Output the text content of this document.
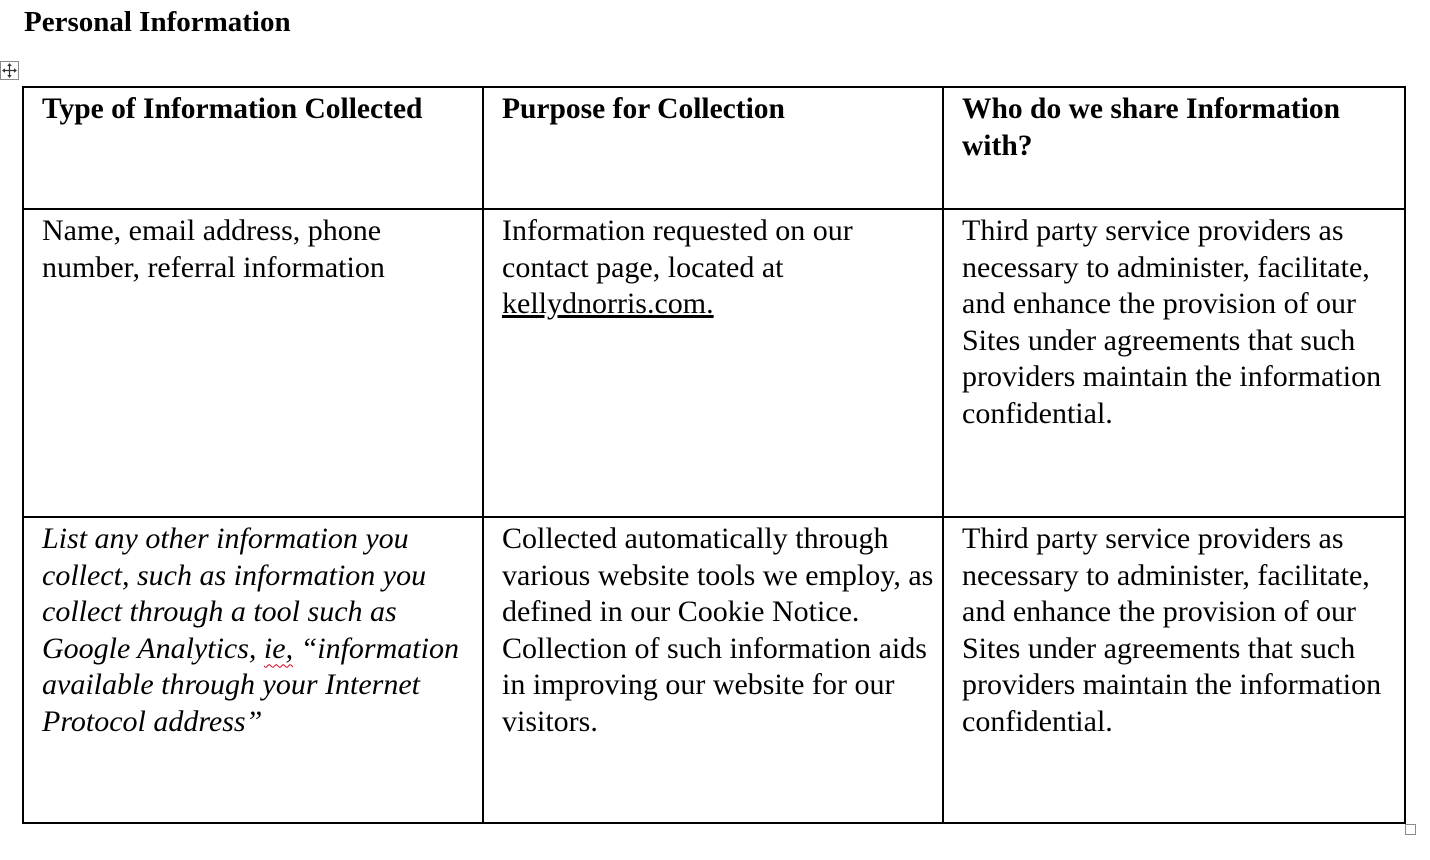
Personal Information
Type of Information Collected	Purpose for Collection	Who do we share Information with?
Name, email address, phone number, referral information	Information requested on our contact page, located at kellydnorris.com.	Third party service providers as necessary to administer, facilitate, and enhance the provision of our Sites under agreements that such providers maintain the information confidential.
List any other information you collect, such as information you collect through a tool such as Google Analytics, ie, “information available through your Internet Protocol address”	Collected automatically through various website tools we employ, as defined in our Cookie Notice. Collection of such information aids in improving our website for our visitors.	Third party service providers as necessary to administer, facilitate, and enhance the provision of our Sites under agreements that such providers maintain the information confidential.
